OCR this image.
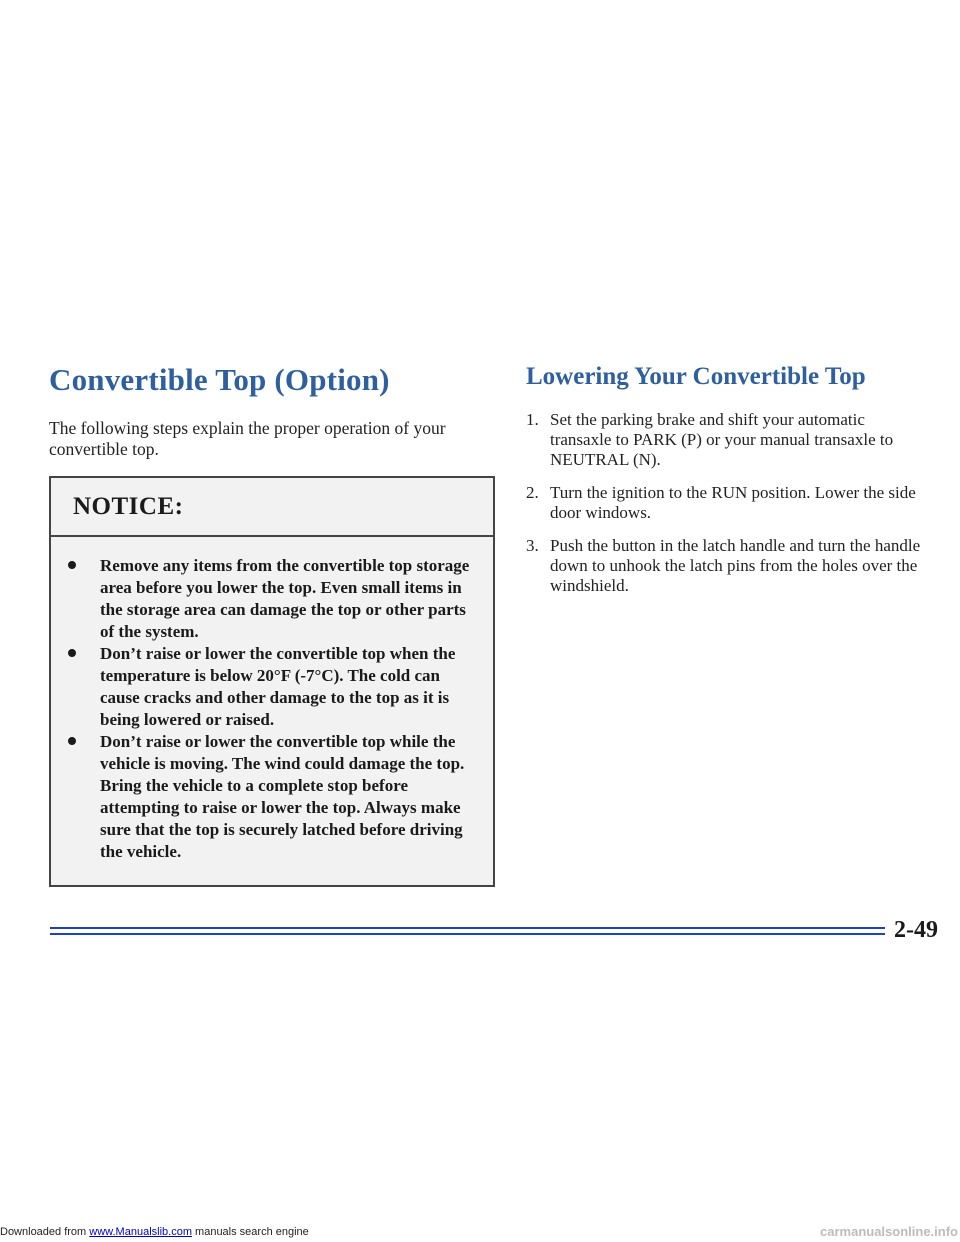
Convertible Top (Option)

The following steps explain the proper operation of your convertible top.

NOTICE:
Remove any items from the convertible top storage area before you lower the top. Even small items in the storage area can damage the top or other parts of the system.
Don’t raise or lower the convertible top when the temperature is below 20°F (-7°C). The cold can cause cracks and other damage to the top as it is being lowered or raised.
Don’t raise or lower the convertible top while the vehicle is moving. The wind could damage the top. Bring the vehicle to a complete stop before attempting to raise or lower the top. Always make sure that the top is securely latched before driving the vehicle.
Lowering Your Convertible Top
1. Set the parking brake and shift your automatic transaxle to PARK (P) or your manual transaxle to NEUTRAL (N).
2. Turn the ignition to the RUN position. Lower the side door windows.
3. Push the button in the latch handle and turn the handle down to unhook the latch pins from the holes over the windshield.
2-49
Downloaded from www.Manualslib.com manuals search engine	carmanualsonline.info
